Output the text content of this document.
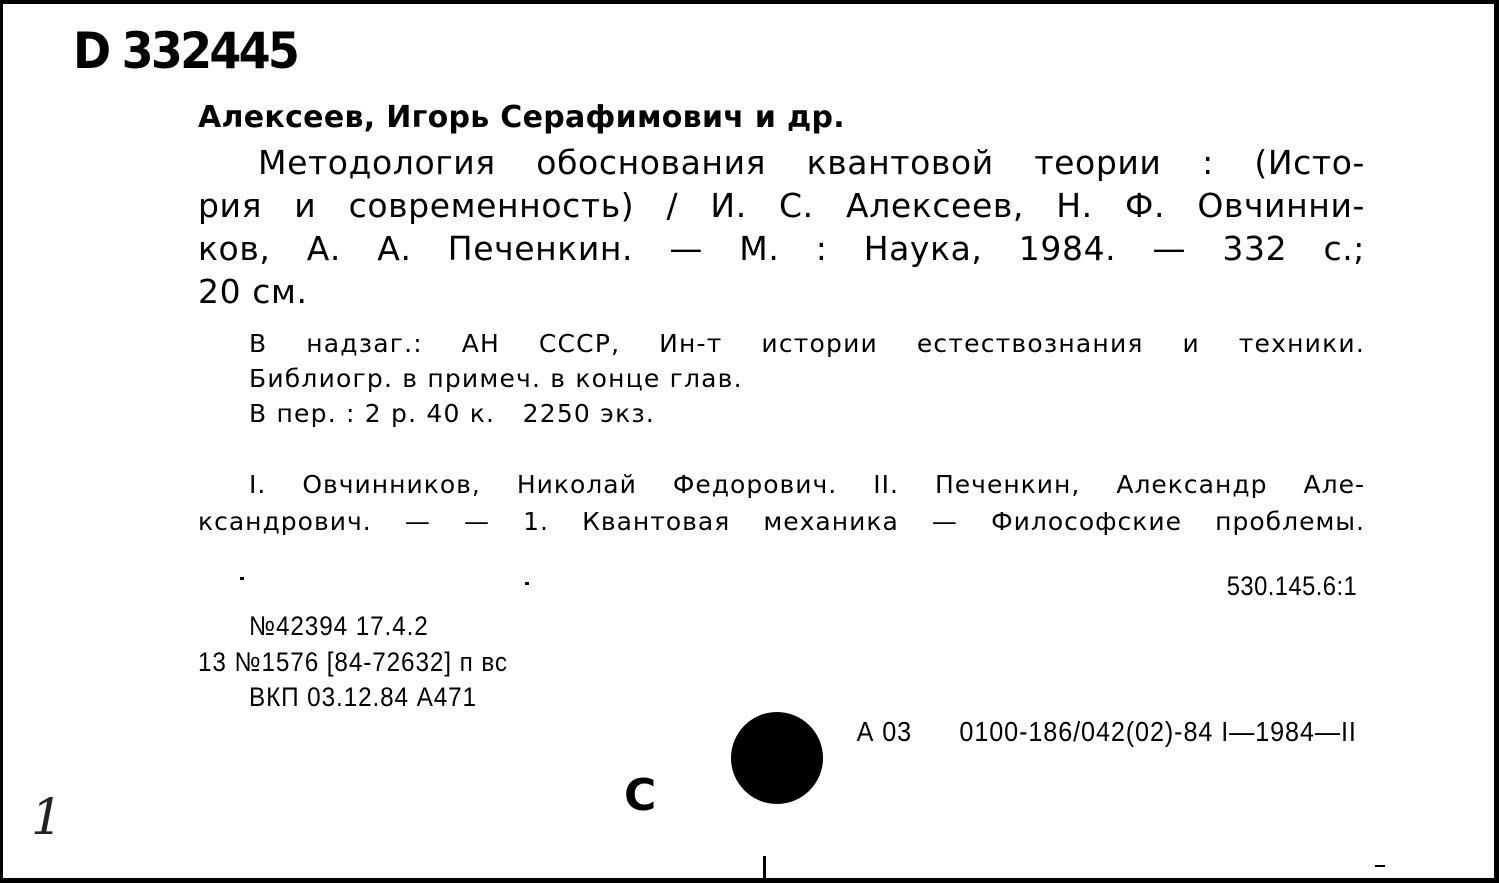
D 332445
Алексеев, Игорь Серафимович и др.
Методология обоснования квантовой теории : (Исто-
рия и современность) / И. С. Алексеев, Н. Ф. Овчинни-
ков, А. А. Печенкин. — М. : Наука, 1984. — 332 с.;
20 см.
В надзаг.: АН СССР, Ин-т истории естествознания и техники.
Библиогр. в примеч. в конце глав.
В пер. : 2 р. 40 к.   2250 экз.
I. Овчинников, Николай Федорович. II. Печенкин, Александр Але-
ксандрович. — — 1. Квантовая механика — Философские проблемы.
530.145.6:1
№42394 17.4.2
13 №1576 [84-72632] п вс
ВКП 03.12.84 А471
А 03      0100-186/042(02)-84 I—1984—II
С
1
